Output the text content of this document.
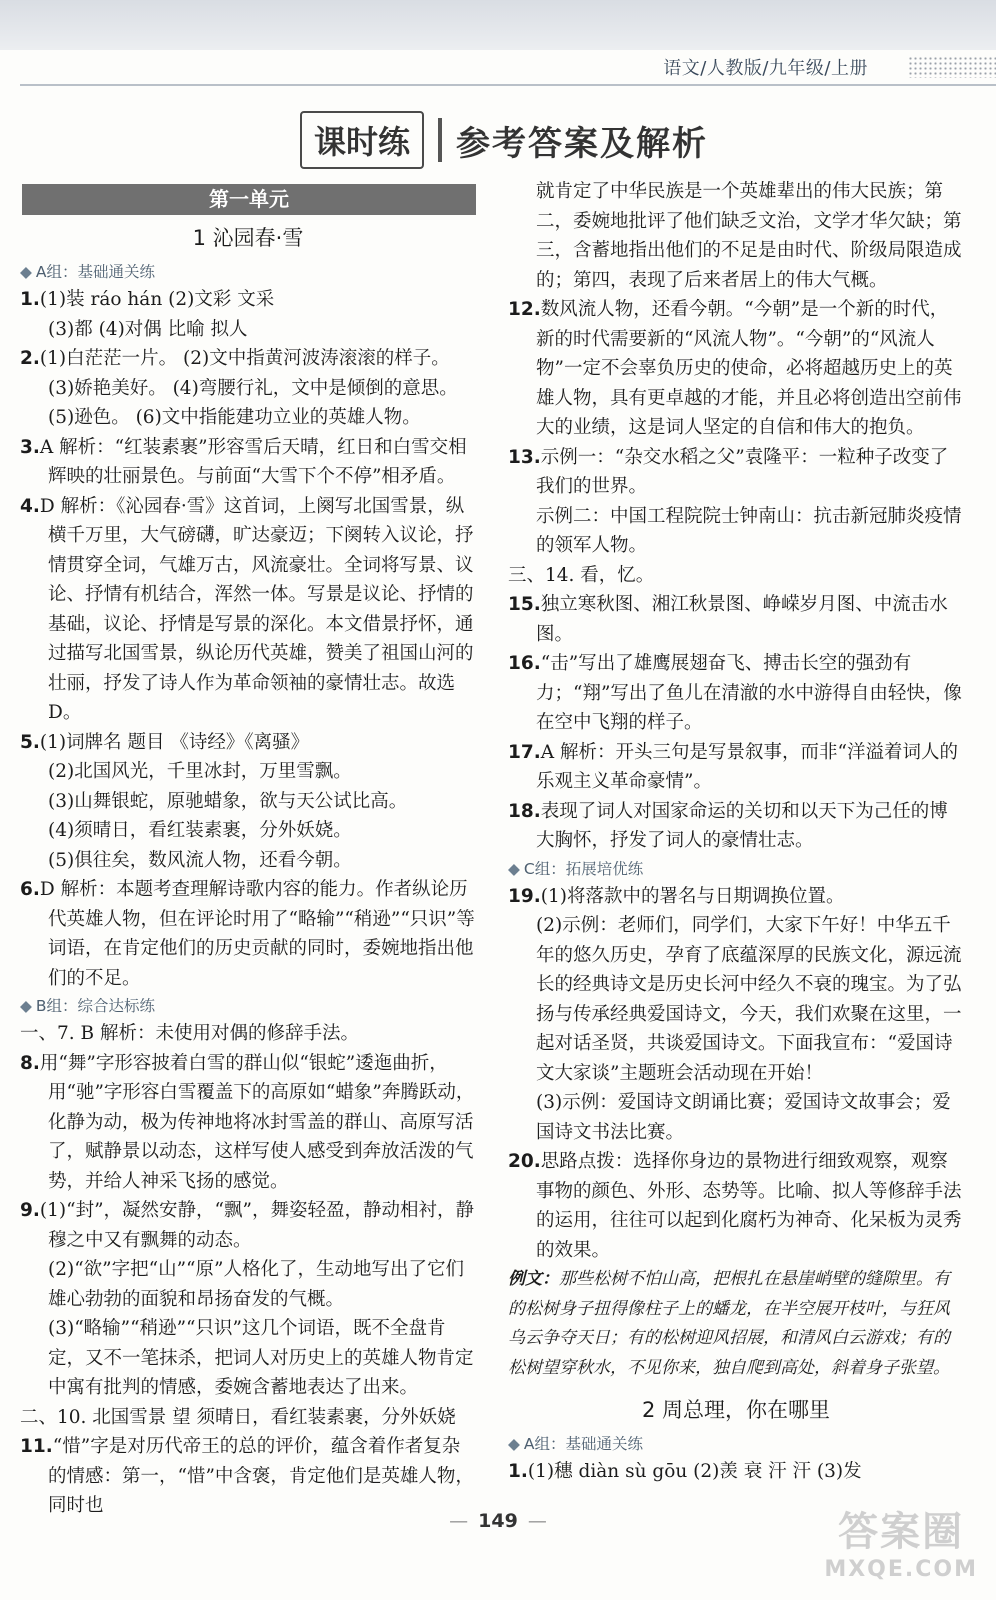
语文/人教版/九年级/上册
课时练	参考答案及解析
第一单元
1 沁园春·雪
◆ A组：基础通关练

1.(1)装 ráo hán (2)文彩 文采

(3)都 (4)对偶 比喻 拟人

2.(1)白茫茫一片。 (2)文中指黄河波涛滚滚的样子。

(3)娇艳美好。 (4)弯腰行礼，文中是倾倒的意思。

(5)逊色。 (6)文中指能建功立业的英雄人物。

3.A 解析：“红装素裹”形容雪后天晴，红日和白雪交相辉映的壮丽景色。与前面“大雪下个不停”相矛盾。

4.D 解析：《沁园春·雪》这首词，上阕写北国雪景，纵横千万里，大气磅礴，旷达豪迈；下阕转入议论，抒情贯穿全词，气雄万古，风流豪壮。全词将写景、议论、抒情有机结合，浑然一体。写景是议论、抒情的基础，议论、抒情是写景的深化。本文借景抒怀，通过描写北国雪景，纵论历代英雄，赞美了祖国山河的壮丽，抒发了诗人作为革命领袖的豪情壮志。故选D。

5.(1)词牌名 题目 《诗经》《离骚》

(2)北国风光，千里冰封，万里雪飘。

(3)山舞银蛇，原驰蜡象，欲与天公试比高。

(4)须晴日，看红装素裹，分外妖娆。

(5)俱往矣，数风流人物，还看今朝。

6.D 解析：本题考查理解诗歌内容的能力。作者纵论历代英雄人物，但在评论时用了“略输”“稍逊”“只识”等词语，在肯定他们的历史贡献的同时，委婉地指出他们的不足。

◆ B组：综合达标练

一、7. B 解析：未使用对偶的修辞手法。

8.用“舞”字形容披着白雪的群山似“银蛇”逶迤曲折，用“驰”字形容白雪覆盖下的高原如“蜡象”奔腾跃动，化静为动，极为传神地将冰封雪盖的群山、高原写活了，赋静景以动态，这样写使人感受到奔放活泼的气势，并给人神采飞扬的感觉。

9.(1)“封”，凝然安静，“飘”，舞姿轻盈，静动相衬，静穆之中又有飘舞的动态。

(2)“欲”字把“山”“原”人格化了，生动地写出了它们雄心勃勃的面貌和昂扬奋发的气概。

(3)“略输”“稍逊”“只识”这几个词语，既不全盘肯定，又不一笔抹杀，把词人对历史上的英雄人物肯定中寓有批判的情感，委婉含蓄地表达了出来。

二、10. 北国雪景 望 须晴日，看红装素裹，分外妖娆

11.“惜”字是对历代帝王的总的评价，蕴含着作者复杂的情感：第一，“惜”中含褒，肯定他们是英雄人物，同时也

就肯定了中华民族是一个英雄辈出的伟大民族；第二，委婉地批评了他们缺乏文治，文学才华欠缺；第三，含蓄地指出他们的不足是由时代、阶级局限造成的；第四，表现了后来者居上的伟大气概。

12.数风流人物，还看今朝。“今朝”是一个新的时代，新的时代需要新的“风流人物”。“今朝”的“风流人物”一定不会辜负历史的使命，必将超越历史上的英雄人物，具有更卓越的才能，并且必将创造出空前伟大的业绩，这是词人坚定的自信和伟大的抱负。

13.示例一：“杂交水稻之父”袁隆平：一粒种子改变了我们的世界。

示例二：中国工程院院士钟南山：抗击新冠肺炎疫情的领军人物。

三、14. 看，忆。

15.独立寒秋图、湘江秋景图、峥嵘岁月图、中流击水图。

16.“击”写出了雄鹰展翅奋飞、搏击长空的强劲有力；“翔”写出了鱼儿在清澈的水中游得自由轻快，像在空中飞翔的样子。

17.A 解析：开头三句是写景叙事，而非“洋溢着词人的乐观主义革命豪情”。

18.表现了词人对国家命运的关切和以天下为己任的博大胸怀，抒发了词人的豪情壮志。

◆ C组：拓展培优练

19.(1)将落款中的署名与日期调换位置。

(2)示例：老师们，同学们，大家下午好！中华五千年的悠久历史，孕育了底蕴深厚的民族文化，源远流长的经典诗文是历史长河中经久不衰的瑰宝。为了弘扬与传承经典爱国诗文，今天，我们欢聚在这里，一起对话圣贤，共谈爱国诗文。下面我宣布：“爱国诗文大家谈”主题班会活动现在开始！

(3)示例：爱国诗文朗诵比赛；爱国诗文故事会；爱国诗文书法比赛。

20.思路点拨：选择你身边的景物进行细致观察，观察事物的颜色、外形、态势等。比喻、拟人等修辞手法的运用，往往可以起到化腐朽为神奇、化呆板为灵秀的效果。

例文：那些松树不怕山高，把根扎在悬崖峭壁的缝隙里。有的松树身子扭得像柱子上的蟠龙，在半空展开枝叶，与狂风乌云争夺天日；有的松树迎风招展，和清风白云游戏；有的松树望穿秋水，不见你来，独自爬到高处，斜着身子张望。

2 周总理，你在哪里
◆ A组：基础通关练

1.(1)穗 diàn sù gōu (2)羡 衰 汗 汗 (3)发

— 149 —	答案圈
MXQE.COM
